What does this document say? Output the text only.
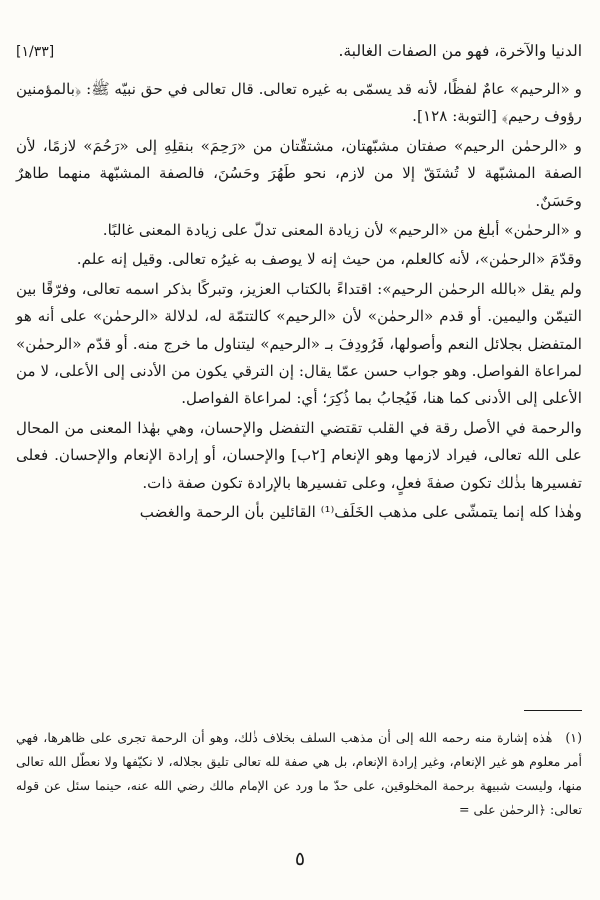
الدنيا والآخرة، فهو من الصفات الغالبة.
[١/٣٣]

و «الرحيم» عامٌ لفظًا، لأنه قد يسمّى به غيره تعالى. قال تعالى في حق نبيّه ﷺ: ﴿بالمؤمنين رؤوف رحيم﴾ [التوبة: ١٢٨].

و «الرحمٰن الرحيم» صفتان مشبّهتان، مشتقّتان من «رَحِمَ» بنقلِهِ إلى «رَحُمَ» لازمًا، لأن الصفة المشبّهة لا تُشتَقّ إلا من لازم، نحو طَهُرَ وحَسُنَ، فالصفة المشبّهة منهما طاهرٌ وحَسَنٌ.

و «الرحمٰن» أبلغ من «الرحيم» لأن زيادة المعنى تدلّ على زيادة المعنى غالبًا.

وقدّمَ «الرحمٰن»، لأنه كالعلم، من حيث إنه لا يوصف به غيرُه تعالى. وقيل إنه علم.

ولم يقل «بالله الرحمٰن الرحيم»: اقتداءً بالكتاب العزيز، وتبركًا بذكر اسمه تعالى، وفرّقًا بين التيمّن واليمين. أو قدم «الرحمٰن» لأن «الرحيم» كالتتمّة له، لدلالة «الرحمٰن» على أنه هو المتفضل بجلائل النعم وأصولها، فَرُودِفَ بـ «الرحيم» ليتناول ما خرج منه. أو قدّم «الرحمٰن» لمراعاة الفواصل. وهو جواب حسن عمّا يقال: إن الترقي يكون من الأدنى إلى الأعلى، لا من الأعلى إلى الأدنى كما هنا، فَيُجابُ بما ذُكِرَ؛ أي: لمراعاة الفواصل.

والرحمة في الأصل رقة في القلب تقتضي التفضل والإحسان، وهي بهٰذا المعنى من المحال على الله تعالى، فيراد لازمها وهو الإنعام [٢ب] والإحسان، أو إرادة الإنعام والإحسان. فعلى تفسيرها بذٰلك تكون صفةَ فعلٍ، وعلى تفسيرها بالإرادة تكون صفة ذات.

وهٰذا كله إنما يتمشّى على مذهب الخَلَف⁽¹⁾ القائلين بأن الرحمة والغضب

(١) هٰذه إشارة منه رحمه الله إلى أن مذهب السلف بخلاف ذٰلك، وهو أن الرحمة تجرى على ظاهرها، فهي أمر معلوم هو غير الإنعام، وغير إرادة الإنعام، بل هي صفة لله تعالى تليق بجلاله، لا نكيّفها ولا نعطّل الله تعالى منها، وليست شبيهة برحمة المخلوقين، على حدّ ما ورد عن الإمام مالك رضي الله عنه، حينما سئل عن قوله تعالى: ﴿الرحمٰن على =

٥
